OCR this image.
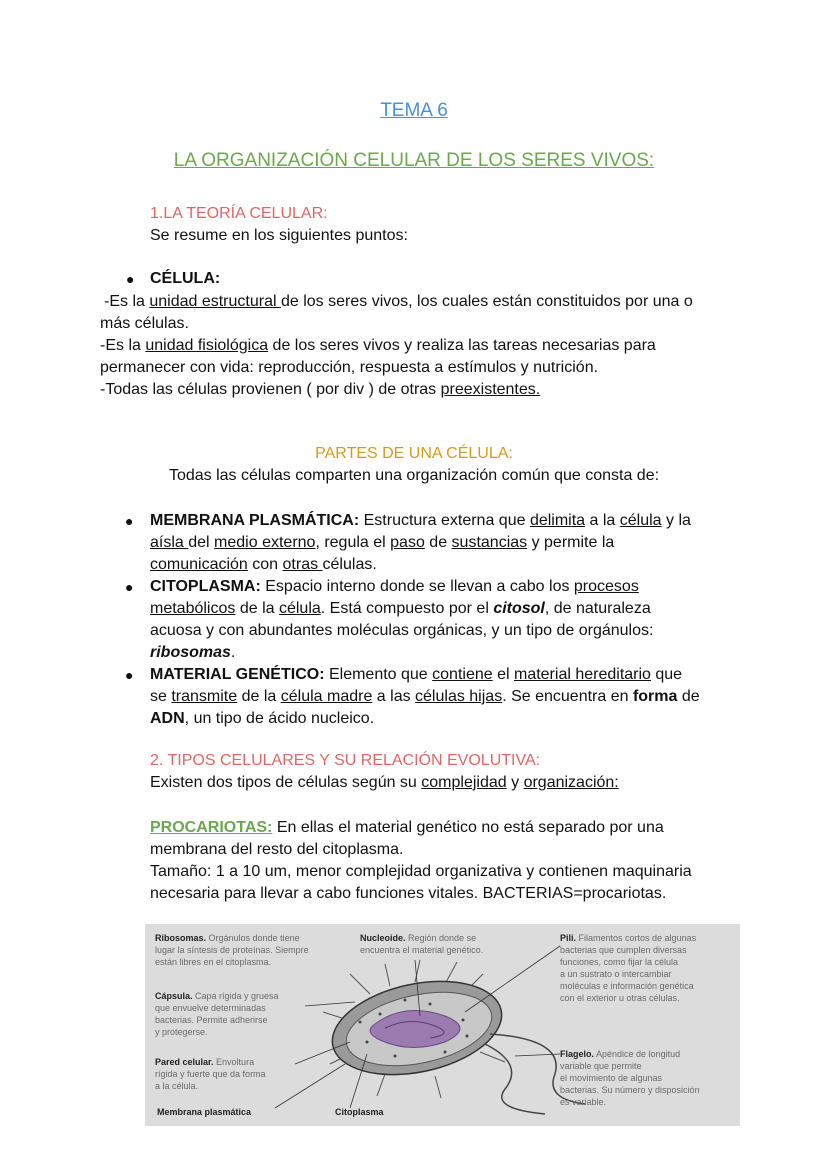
TEMA 6
LA ORGANIZACIÓN CELULAR DE LOS SERES VIVOS:
1.LA TEORÍA CELULAR:
Se resume en los siguientes puntos:
● CÉLULA:

-Es la unidad estructural de los seres vivos, los cuales están constituidos por una o

más células.

-Es la unidad fisiológica de los seres vivos y realiza las tareas necesarias para

permanecer con vida: reproducción, respuesta a estímulos y nutrición.

-Todas las células provienen ( por div ) de otras preexistentes.

PARTES DE UNA CÉLULA:
Todas las células comparten una organización común que consta de:
● MEMBRANA PLASMÁTICA: Estructura externa que delimita a la célula y la

aísla del medio externo, regula el paso de sustancias y permite la

comunicación con otras células.

● CITOPLASMA: Espacio interno donde se llevan a cabo los procesos

metabólicos de la célula. Está compuesto por el citosol, de naturaleza

acuosa y con abundantes moléculas orgánicas, y un tipo de orgánulos:

ribosomas.

● MATERIAL GENÉTICO: Elemento que contiene el material hereditario que

se transmite de la célula madre a las células hijas. Se encuentra en forma de

ADN, un tipo de ácido nucleico.

2. TIPOS CELULARES Y SU RELACIÓN EVOLUTIVA:
Existen dos tipos de células según su complejidad y organización:

PROCARIOTAS: En ellas el material genético no está separado por una

membrana del resto del citoplasma.

Tamaño: 1 a 10 um, menor complejidad organizativa y contienen maquinaria

necesaria para llevar a cabo funciones vitales. BACTERIAS=procariotas.

Ribosomas. Orgánulos donde tiene
lugar la síntesis de proteínas. Siempre
están libres en el citoplasma.
Nucleoide. Región donde se
encuentra el material genético.
Pili. Filamentos cortos de algunas
bacterias que cumplen diversas
funciones, como fijar la célula
a un sustrato o intercambiar
moléculas e información genética
con el exterior u otras células.
Cápsula. Capa rígida y gruesa
que envuelve determinadas
bacterias. Permite adherirse
y protegerse.
Pared celular. Envoltura
rígida y fuerte que da forma
a la célula.
Membrana plasmática	Citoplasma
Flagelo. Apéndice de longitud
variable que permite
el movimiento de algunas
bacterias. Su número y disposición
es variable.
